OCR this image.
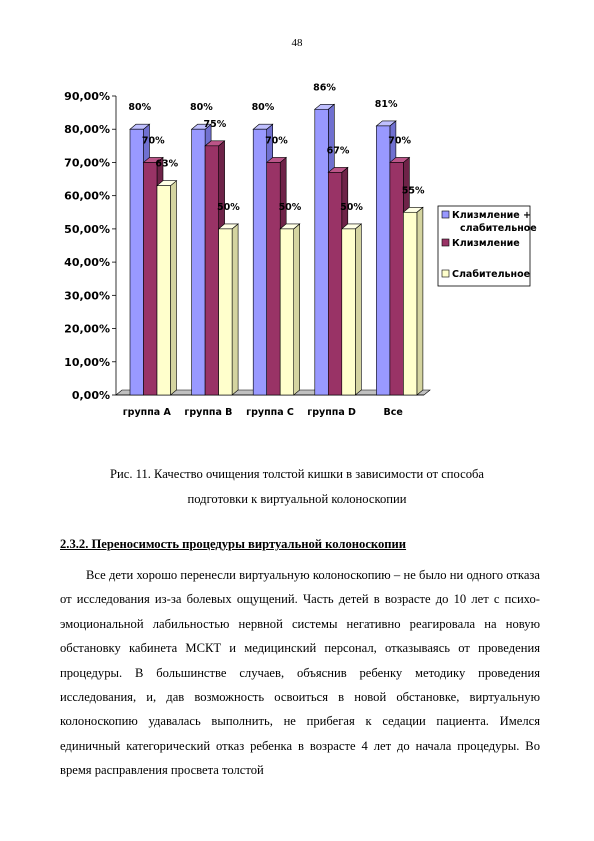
48
0,00%
10,00%
20,00%
30,00%
40,00%
50,00%
60,00%
70,00%
80,00%
90,00%
80%
70%
63%
группа А
80%
75%
50%
группа В
80%
70%
50%
группа С
86%
67%
50%
группа D
81%
70%
55%
Все
Клизмление + слабительное
Клизмление
Слабительное
Рис. 11. Качество очищения толстой кишки в зависимости от способа
подготовки к виртуальной колоноскопии
2.3.2. Переносимость процедуры виртуальной колоноскопии

Все дети хорошо перенесли виртуальную колоноскопию – не было ни одного отказа от исследования из-за болевых ощущений. Часть детей в возрасте до 10 лет с психо-эмоциональной лабильностью нервной системы негативно реагировала на новую обстановку кабинета МСКТ и медицинский персонал, отказываясь от проведения процедуры. В большинстве случаев, объяснив ребенку методику проведения исследования, и, дав возможность освоиться в новой обстановке, виртуальную колоноскопию удавалась выполнить, не прибегая к седации пациента. Имелся единичный категорический отказ ребенка в возрасте 4 лет до начала процедуры. Во время расправления просвета толстой
